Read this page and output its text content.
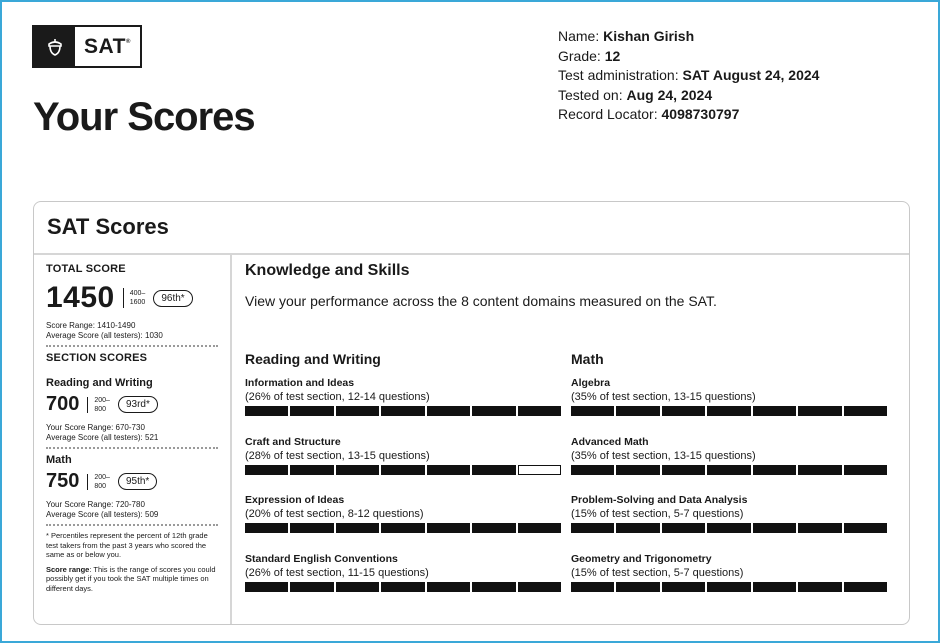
SAT®
Your Scores
Name: Kishan Girish
Grade: 12
Test administration: SAT August 24, 2024
Tested on: Aug 24, 2024
Record Locator: 4098730797
SAT Scores
TOTAL SCORE
1450 400–
1600	96th*
Score Range: 1410-1490
Average Score (all testers): 1030
SECTION SCORES
Reading and Writing
700 200–
800	93rd*
Your Score Range: 670-730
Average Score (all testers): 521
Math
750 200–
800	95th*
Your Score Range: 720-780
Average Score (all testers): 509
* Percentiles represent the percent of 12th grade test takers from the past 3 years who scored the same as or below you.
Score range: This is the range of scores you could possibly get if you took the SAT multiple times on different days.
Knowledge and Skills
View your performance across the 8 content domains measured on the SAT.
Reading and Writing
Information and Ideas
(26% of test section, 12-14 questions)
Craft and Structure
(28% of test section, 13-15 questions)
Expression of Ideas
(20% of test section, 8-12 questions)
Standard English Conventions
(26% of test section, 11-15 questions)
Math
Algebra
(35% of test section, 13-15 questions)
Advanced Math
(35% of test section, 13-15 questions)
Problem-Solving and Data Analysis
(15% of test section, 5-7 questions)
Geometry and Trigonometry
(15% of test section, 5-7 questions)
